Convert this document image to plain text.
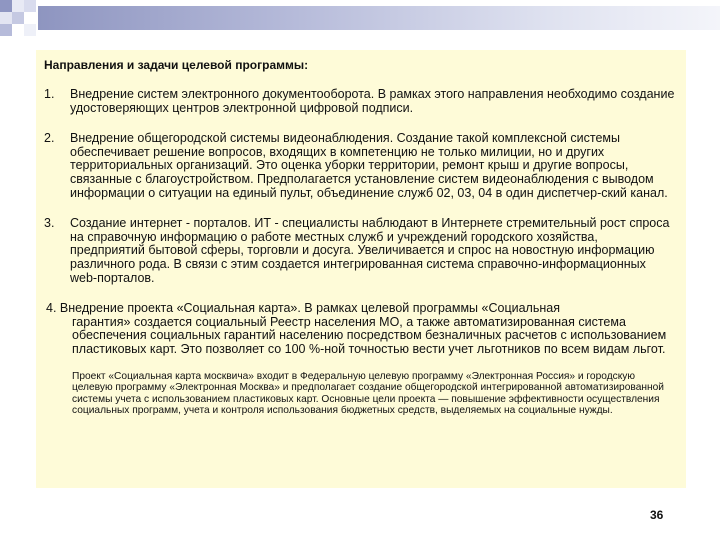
Направления и задачи целевой программы:
1.	Внедрение систем электронного документооборота. В рамках этого направления необходимо создание удостоверяющих центров электронной цифровой подписи.
2.	Внедрение общегородской системы видеонаблюдения. Создание такой комплексной системы обеспечивает решение вопросов, входящих в компетенцию не только милиции, но и других территориальных организаций. Это оценка уборки территории, ремонт крыш и другие вопросы, связанные с благоустройством. Предполагается установление систем видеонаблюдения с выводом информации о ситуации на единый пульт, объединение служб 02, 03, 04 в один диспетчер-ский канал.
3.	Создание интернет - порталов. ИТ - специалисты наблюдают в Интернете стремительный рост спроса на справочную информацию о работе местных служб и учреждений городского хозяйства, предприятий бытовой сферы, торговли и досуга. Увеличивается и спрос на новостную информацию различного рода. В связи с этим создается интегрированная система справочно-информационных web-порталов.
4. Внедрение проекта «Социальная карта». В рамках целевой программы «Социальная
гарантия» создается социальный Реестр населения МО, а также автоматизированная система обеспечения социальных гарантий населению посредством безналичных расчетов с использованием пластиковых карт. Это позволяет со 100 %-ной точностью вести учет льготников по всем видам льгот.
Проект «Социальная карта москвича» входит в Федеральную целевую программу «Электронная Россия» и городскую целевую программу «Электронная Москва» и предполагает создание общегородской интегрированной автоматизированной системы учета с использованием пластиковых карт. Основные цели проекта — повышение эффективности осуществления социальных программ, учета и контроля использования бюджетных средств, выделяемых на социальные нужды.
36
